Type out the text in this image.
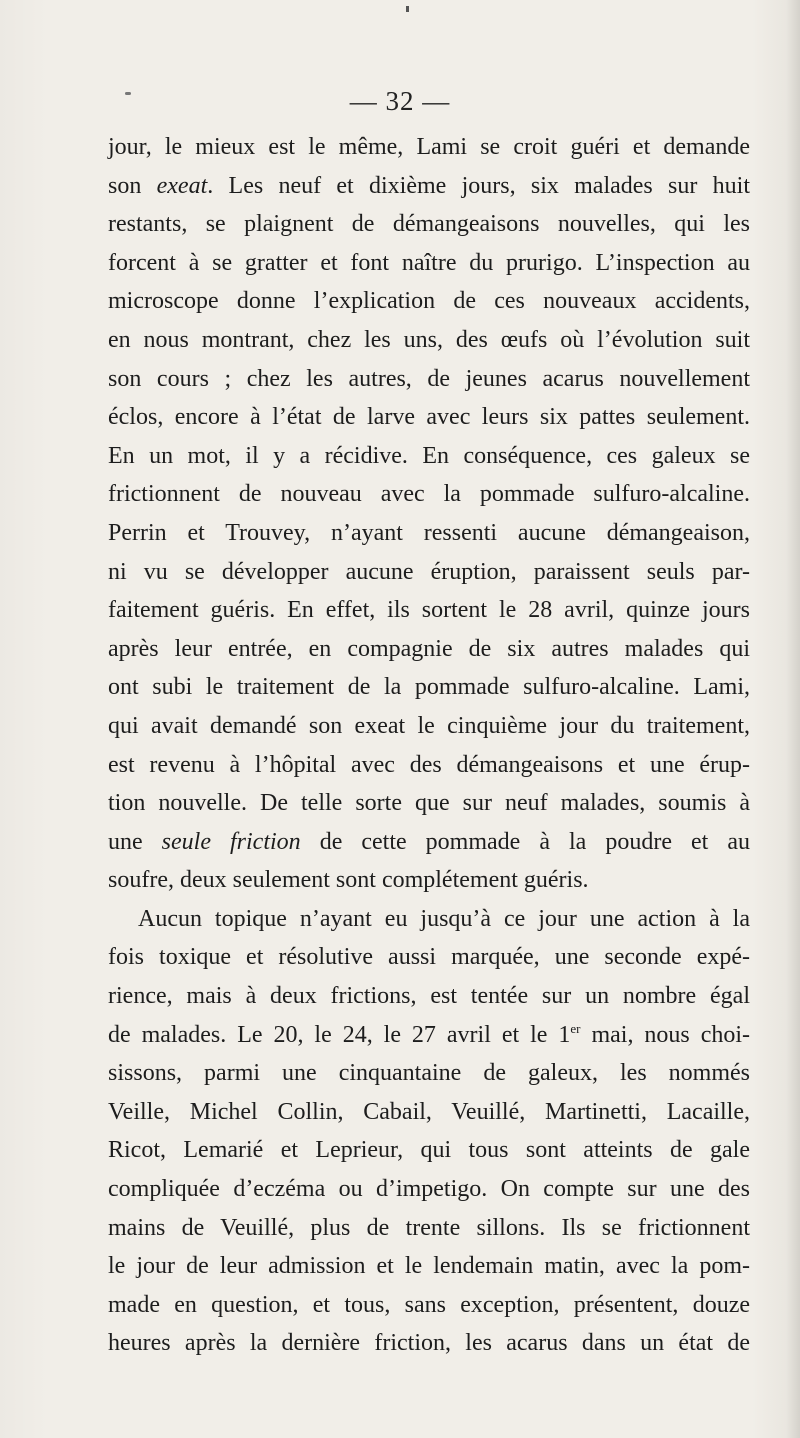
— 32 —
jour, le mieux est le même, Lami se croit guéri et demande
son exeat. Les neuf et dixième jours, six malades sur huit
restants, se plaignent de démangeaisons nouvelles, qui les
forcent à se gratter et font naître du prurigo. L’inspection au
microscope donne l’explication de ces nouveaux accidents,
en nous montrant, chez les uns, des œufs où l’évolution suit
son cours ; chez les autres, de jeunes acarus nouvellement
éclos, encore à l’état de larve avec leurs six pattes seulement.
En un mot, il y a récidive. En conséquence, ces galeux se
frictionnent de nouveau avec la pommade sulfuro-alcaline.
Perrin et Trouvey, n’ayant ressenti aucune démangeaison,
ni vu se développer aucune éruption, paraissent seuls par-
faitement guéris. En effet, ils sortent le 28 avril, quinze jours
après leur entrée, en compagnie de six autres malades qui
ont subi le traitement de la pommade sulfuro-alcaline. Lami,
qui avait demandé son exeat le cinquième jour du traitement,
est revenu à l’hôpital avec des démangeaisons et une érup-
tion nouvelle. De telle sorte que sur neuf malades, soumis à
une seule friction de cette pommade à la poudre et au
soufre, deux seulement sont complétement guéris.
Aucun topique n’ayant eu jusqu’à ce jour une action à la
fois toxique et résolutive aussi marquée, une seconde expé-
rience, mais à deux frictions, est tentée sur un nombre égal
de malades. Le 20, le 24, le 27 avril et le 1er mai, nous choi-
sissons, parmi une cinquantaine de galeux, les nommés
Veille, Michel Collin, Cabail, Veuillé, Martinetti, Lacaille,
Ricot, Lemarié et Leprieur, qui tous sont atteints de gale
compliquée d’eczéma ou d’impetigo. On compte sur une des
mains de Veuillé, plus de trente sillons. Ils se frictionnent
le jour de leur admission et le lendemain matin, avec la pom-
made en question, et tous, sans exception, présentent, douze
heures après la dernière friction, les acarus dans un état de
